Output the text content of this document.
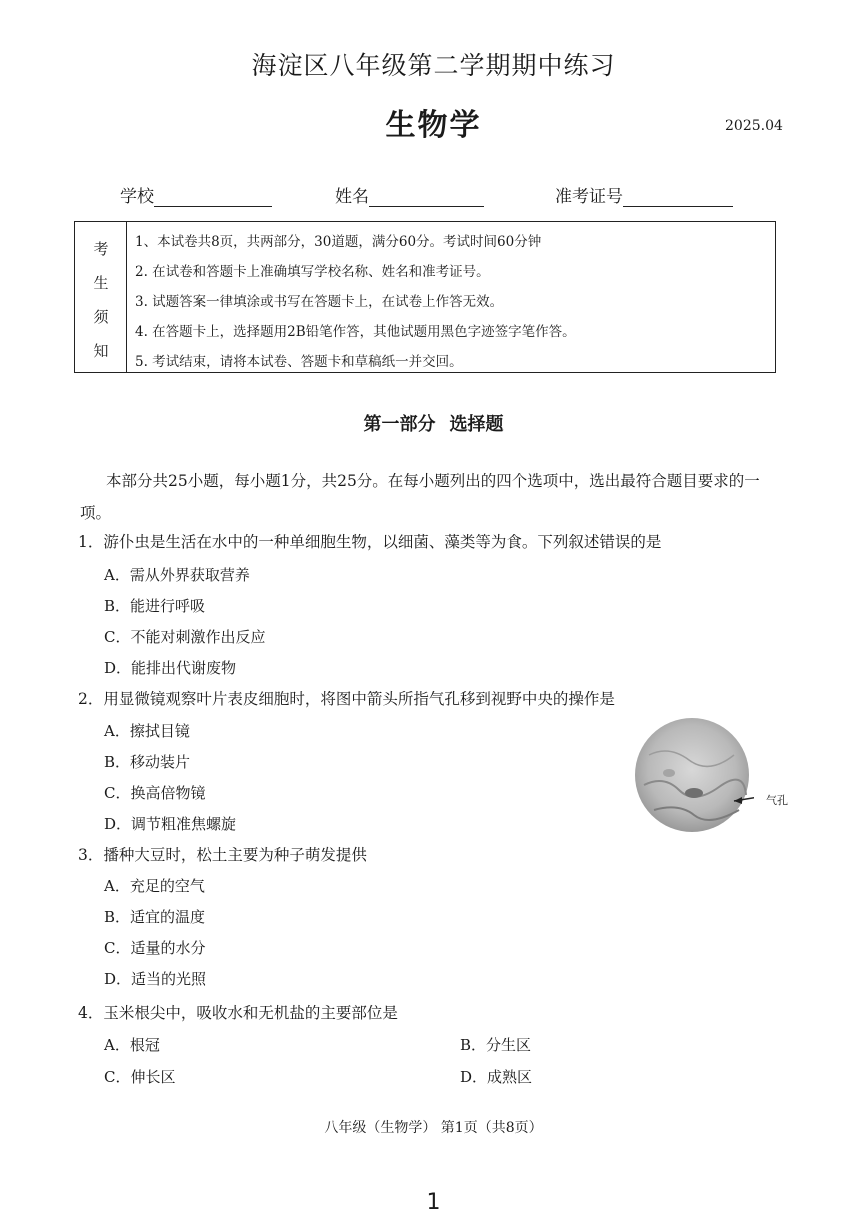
海淀区八年级第二学期期中练习
生物学	2025.04
学校	姓名	准考证号
考
生
须
知
1、本试卷共8页，共两部分，30道题，满分60分。考试时间60分钟
2. 在试卷和答题卡上准确填写学校名称、姓名和准考证号。
3. 试题答案一律填涂或书写在答题卡上，在试卷上作答无效。
4. 在答题卡上，选择题用2B铅笔作答，其他试题用黑色字迹签字笔作答。
5. 考试结束，请将本试卷、答题卡和草稿纸一并交回。
第一部分 选择题
本部分共25小题，每小题1分，共25分。在每小题列出的四个选项中，选出最符合题目要求的一项。
1．游仆虫是生活在水中的一种单细胞生物，以细菌、藻类等为食。下列叙述错误的是
A．需从外界获取营养
B．能进行呼吸
C．不能对刺激作出反应
D．能排出代谢废物
2．用显微镜观察叶片表皮细胞时，将图中箭头所指气孔移到视野中央的操作是
A．擦拭目镜
B．移动装片
C．换高倍物镜
D．调节粗准焦螺旋
气孔
3．播种大豆时，松土主要为种子萌发提供
A．充足的空气
B．适宜的温度
C．适量的水分
D．适当的光照
4．玉米根尖中，吸收水和无机盐的主要部位是
A．根冠	B．分生区
C．伸长区	D．成熟区
八年级（生物学） 第1页（共8页）
1
